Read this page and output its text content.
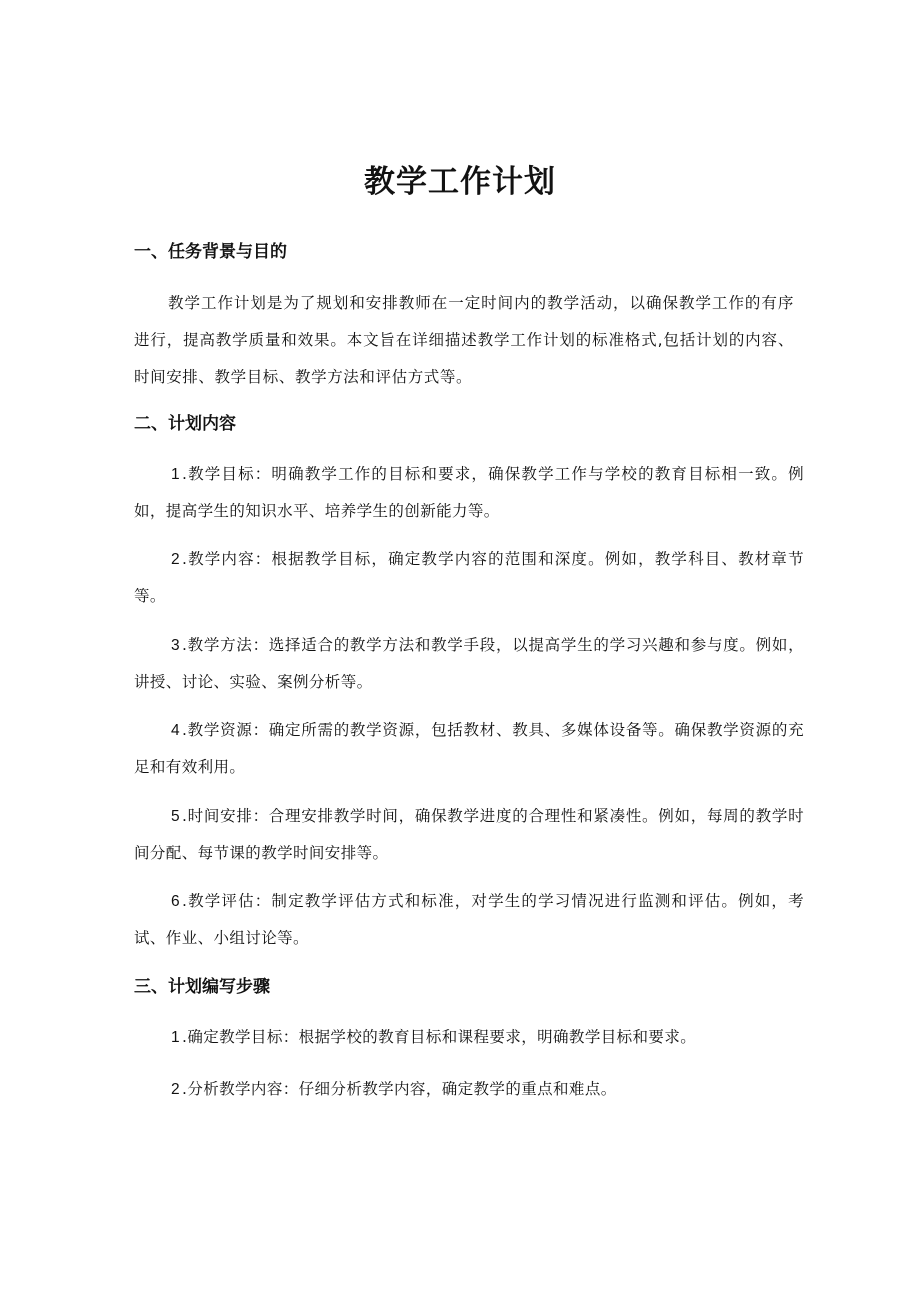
教学工作计划
一、任务背景与目的
教学工作计划是为了规划和安排教师在一定时间内的教学活动，以确保教学工作的有序进行，提高教学质量和效果。本文旨在详细描述教学工作计划的标准格式,包括计划的内容、时间安排、教学目标、教学方法和评估方式等。
二、计划内容
1 .教学目标：明确教学工作的目标和要求，确保教学工作与学校的教育目标相一致。例如，提高学生的知识水平、培养学生的创新能力等。
2 .教学内容：根据教学目标，确定教学内容的范围和深度。例如，教学科目、教材章节等。
3 .教学方法：选择适合的教学方法和教学手段，以提高学生的学习兴趣和参与度。例如，讲授、讨论、实验、案例分析等。
4 .教学资源：确定所需的教学资源，包括教材、教具、多媒体设备等。确保教学资源的充足和有效利用。
5 .时间安排：合理安排教学时间，确保教学进度的合理性和紧凑性。例如，每周的教学时间分配、每节课的教学时间安排等。
6 .教学评估：制定教学评估方式和标准，对学生的学习情况进行监测和评估。例如，考试、作业、小组讨论等。
三、计划编写步骤
1 .确定教学目标：根据学校的教育目标和课程要求，明确教学目标和要求。
2 .分析教学内容：仔细分析教学内容，确定教学的重点和难点。
